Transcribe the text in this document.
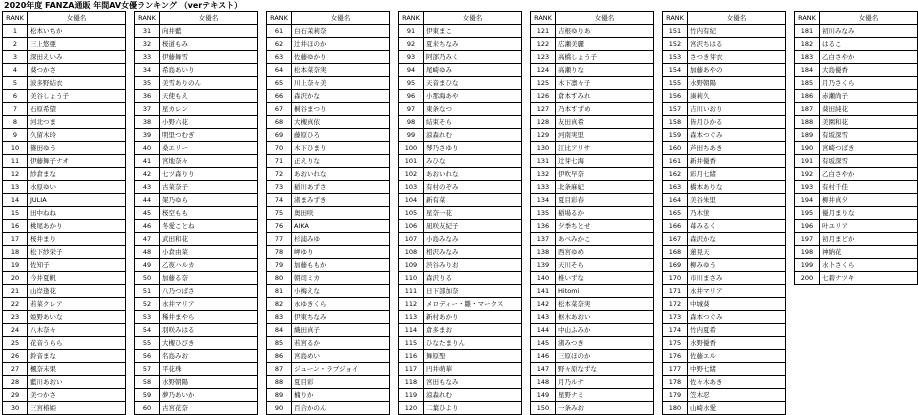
2020年度 FANZA通販 年間AV女優ランキング （verテキスト）
RANK	女優名
1	松本いちか
2	三上悠亜
3	深田えいみ
4	葵つかさ
5	波多野結衣
6	美谷しょう子
7	石原希望
8	河北つま
9	久留木玲
10	篠田ゆう
11	伊藤舞子ナオ
12	紗倉まな
13	水原ゆい
14	JULIA
15	田中ねね
16	桃尾あかり
17	桜井まり
18	松下紗栄子
19	佐知子
20	今井夏帆
21	山岸逢花
22	若菜クレア
23	姫野あいな
24	八木奈々
25	花音うらら
26	鈴音まな
27	楓奈未果
28	藍川あおい
29	美つかさ
30	三宮椿姫
RANK	女優名
31	向井藍
32	桜道もみ
33	伊藤舞雪
34	希島あいり
35	美雪ありのん
36	天使もえ
37	星カレン
38	小野六花
39	明里つむぎ
40	桑エリー
41	宮地奈々
42	七ツ森りり
43	古菜奈子
44	架乃ゆら
45	桜空もも
46	冬愛ことね
47	武田和花
48	小倉由菜
49	乙夜ハルカ
50	加藤る奈
51	八乃つばさ
52	永井マリア
53	稀井まやら
54	羽咲みはる
55	大槻ひびき
56	名島みお
57	平花珠
58	水野朝陽
59	夢乃あいか
60	古宮花奈
RANK	女優名
61	白石茉莉奈
62	辻井ほのか
63	佐藤ゆかり
64	松本菜奈実
65	川上奈々美
66	森沢かな
67	桐谷まつり
68	大槻真依
69	藤原ひろ
70	木下ひまり
71	正えりな
72	あおいれな
73	稲川あずさ
74	渚まみずき
75	奥田咲
76	AIKA
77	杉浦みゆ
78	岬ゆり
79	加藤ももか
80	朝司ミカ
81	小梅えな
82	永ゆきくら
83	伊東ちなみ
84	織田真子
85	若宮るか
86	宮島めい
87	ジューン・ラブジョイ
88	夏目彩
89	楠りか
90	百合かのん
RANK	女優名
91	伊東まこ
92	夏来ちなみ
93	阿部乃みく
94	尾崎ゆみ
95	天音まひな
96	小那海あや
97	東条なつ
98	結束そら
99	涼森れむ
100	琴乃さゆり
101	みひな
102	あおいれな
103	有村のぞみ
104	新有菜
105	星奈一花
106	凪咲友紀子
107	小島みなみ
108	相沢みなみ
109	渋谷みりお
110	森沢りる
111	日下部加奈
112	メロディー・雛・マークス
113	新村あかり
114	倉多まお
115	ひなたまりん
116	舞原聖
117	円井萌華
118	宮田もなみ
119	涼森れむ
120	二葉ひより
RANK	女優名
121	吉根ゆりあ
122	広瀬美麗
123	高橋しょう子
124	高瀬りな
125	木下凛々子
126	倉本すみれ
127	乃本すずめ
128	友田真希
129	河南実里
130	江比アリサ
131	辻芽七海
132	伊吹早奈
133	北条麻妃
134	夏目彩春
135	稲場るか
136	夕季ちとせ
137	あべみかこ
138	西宮ゆめ
139	天川そら
140	椎いずな
141	Hitomi
142	松本菜奈実
143	枢木あおい
144	中山ふみか
145	渚みつき
146	三原ほのか
147	野々原なずな
148	月乃ルナ
149	星野ナミ
150	一条みお
RANK	女優名
151	竹内有紀
152	宮沢ちはる
153	さつき芽衣
154	加藤あやの
155	水野朝陽
156	湊莉久
157	吉川いおり
158	皆月ひかる
159	森本つぐみ
160	芦田ちあき
161	新井優香
162	彩月七緒
163	橋本ありな
164	美谷朱里
165	乃木蛍
166	苺みるく
167	森沢かな
168	蓮見天
169	柳みゆう
170	市川まさみ
171	永井マリア
172	中城葵
173	森本つぐみ
174	竹内夏希
175	水野優香
176	佐藤エル
177	中野七緒
178	佐々木あき
179	笠木忍
180	山崎水愛
RANK	女優名
181	初川みなみ
182	はるこ
183	乙白さやか
184	大島優香
185	月乃さくら
186	赤瀬尚子
187	葵田純花
188	美園和花
189	有坂深雪
190	宮崎つばき
191	有坂深雪
192	乙白さやか
193	有村千佳
194	柳井真夕
195	優月まりな
196	叶ユリア
197	初月まどか
198	神納花
199	水卜さくら
200	七碧ナツキ
